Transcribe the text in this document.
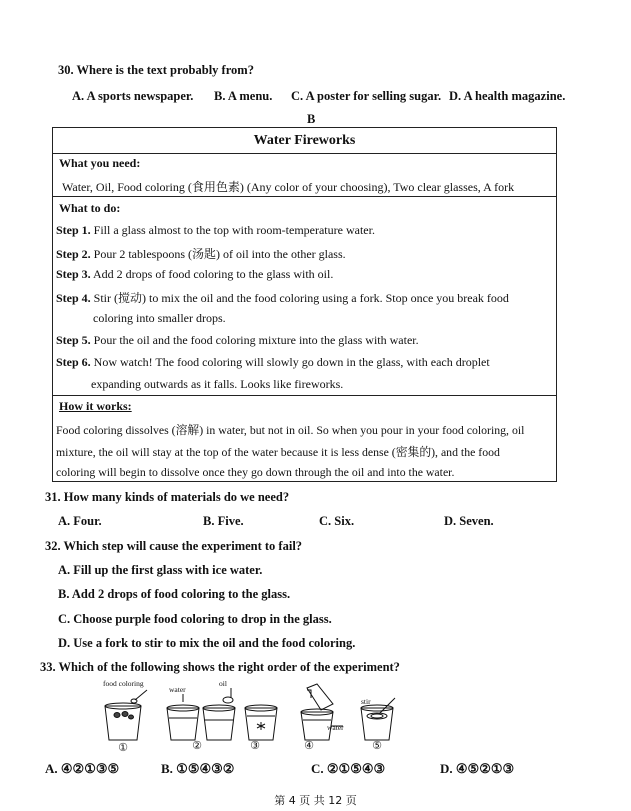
30. Where is the text probably from?
A. A sports newspaper. B. A menu. C. A poster for selling sugar. D. A health magazine.
B
Water Fireworks
What you need:
Water, Oil, Food coloring (食用色素) (Any color of your choosing), Two clear glasses, A fork
What to do:
Step 1. Fill a glass almost to the top with room-temperature water.
Step 2. Pour 2 tablespoons (汤匙) of oil into the other glass.
Step 3. Add 2 drops of food coloring to the glass with oil.
Step 4. Stir (搅动) to mix the oil and the food coloring using a fork. Stop once you break food
coloring into smaller drops.
Step 5. Pour the oil and the food coloring mixture into the glass with water.
Step 6. Now watch! The food coloring will slowly go down in the glass, with each droplet
expanding outwards as it falls. Looks like fireworks.
How it works:
Food coloring dissolves (溶解) in water, but not in oil. So when you pour in your food coloring, oil
mixture, the oil will stay at the top of the water because it is less dense (密集的), and the food
coloring will begin to dissolve once they go down through the oil and into the water.
31. How many kinds of materials do we need?
A. Four.	B. Five.	C. Six.	D. Seven.
32. Which step will cause the experiment to fail?
A. Fill up the first glass with ice water.
B. Add 2 drops of food coloring to the glass.
C. Choose purple food coloring to drop in the glass.
D. Use a fork to stir to mix the oil and the food coloring.
33. Which of the following shows the right order of the experiment?
food coloring
water
oil
stir
water
①	②	③	④	⑤
A. ④②①③⑤	B. ①⑤④③②	C. ②①⑤④③	D. ④⑤②①③
第 4 页 共 12 页
